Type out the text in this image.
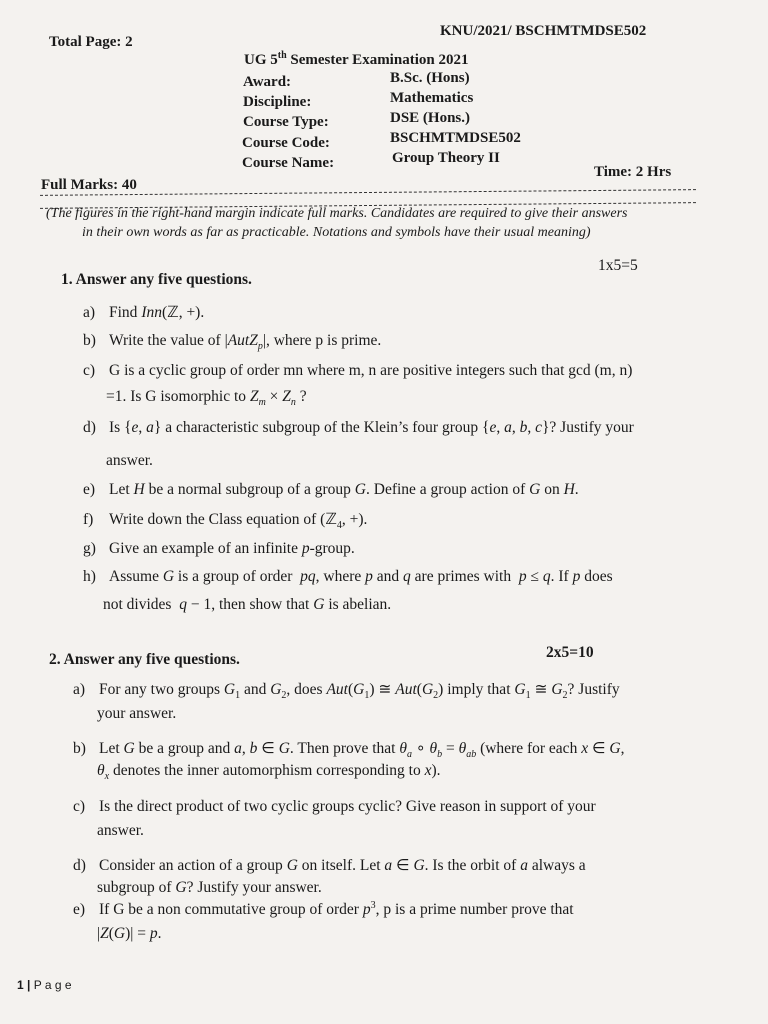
Total Page: 2
KNU/2021/ BSCHMTMDSE502
UG 5th Semester Examination 2021
Award:	B.Sc. (Hons)
Discipline:	Mathematics
Course Type:	DSE (Hons.)
Course Code:	BSCHMTMDSE502
Course Name:	Group Theory II
Full Marks: 40
Time: 2 Hrs
(The figures in the right-hand margin indicate full marks. Candidates are required to give their answers
in their own words as far as practicable. Notations and symbols have their usual meaning)
1. Answer any five questions.
1x5=5
a) Find Inn(ℤ, +).
b) Write the value of |AutZ$_p$|, where p is prime.
c) G is a cyclic group of order mn where m, n are positive integers such that gcd (m, n)
=1. Is G isomorphic to $Z_m \times Z_n$ ?
d) Is {e, a} a characteristic subgroup of the Klein’s four group {e, a, b, c}? Justify your
answer.
e) Let H be a normal subgroup of a group G. Define a group action of G on H.
f) Write down the Class equation of (ℤ$_4$, +).
g) Give an example of an infinite p-group.
h) Assume G is a group of order  pq, where p and q are primes with  p ≤ q. If p does
not divides  q − 1, then show that G is abelian.
2. Answer any five questions.	2x5=10
a) For any two groups $G_1$ and $G_2$, does $Aut(G_1)$ ≅ $Aut(G_2)$ imply that $G_1$ ≅ $G_2$? Justify
your answer.
b) Let G be a group and a, b ∈ G. Then prove that $\theta_a$ ∘ $\theta_b = \theta_{ab}$ (where for each x ∈ G,
$\theta_x$ denotes the inner automorphism corresponding to x).
c) Is the direct product of two cyclic groups cyclic? Give reason in support of your
answer.
d) Consider an action of a group G on itself. Let a ∈ G. Is the orbit of a always a
subgroup of G? Justify your answer.
e) If G be a non commutative group of order $p^3$, p is a prime number prove that
|Z(G)| = p.
1 | P a g e
